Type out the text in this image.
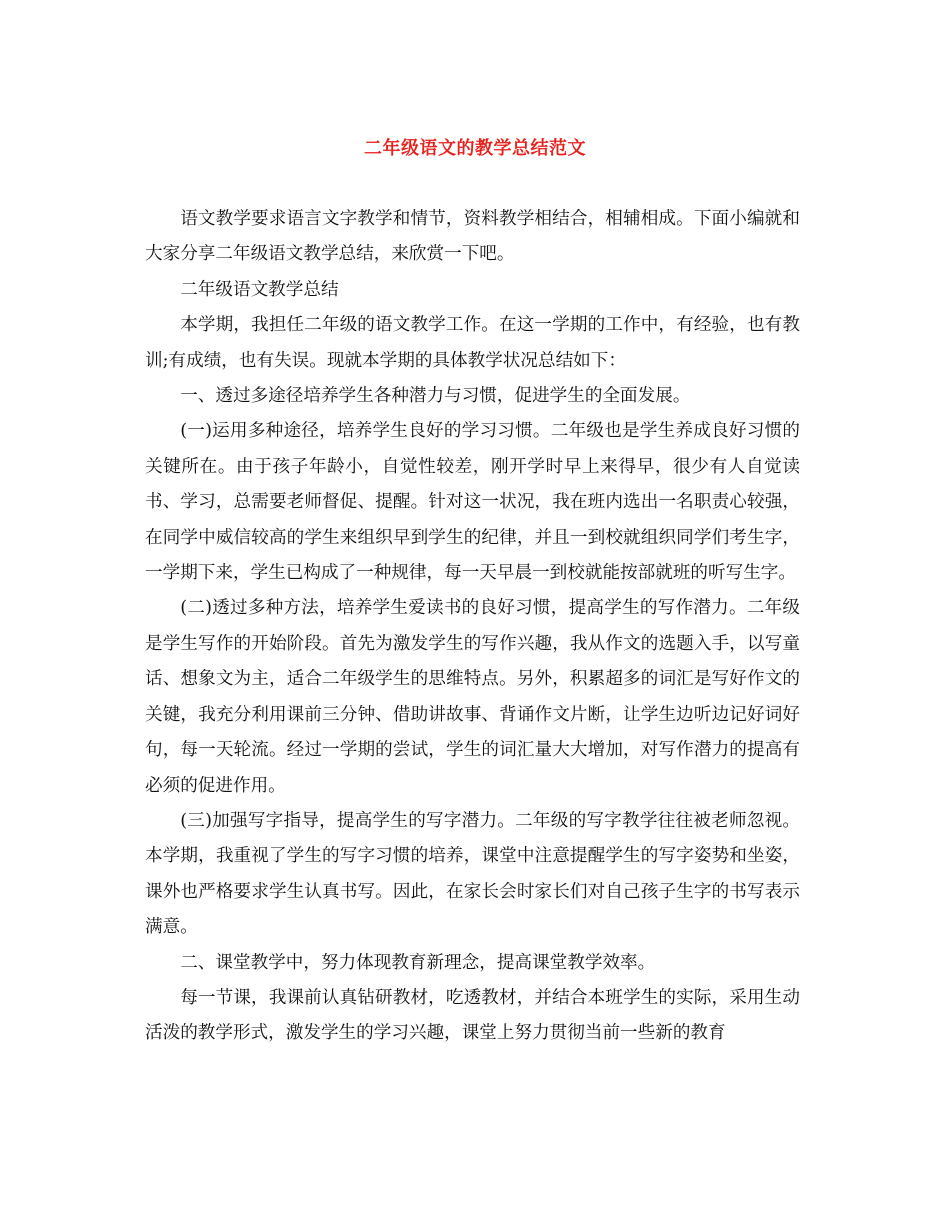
二年级语文的教学总结范文

语文教学要求语言文字教学和情节，资料教学相结合，相辅相成。下面小编就和大家分享二年级语文教学总结，来欣赏一下吧。

二年级语文教学总结

本学期，我担任二年级的语文教学工作。在这一学期的工作中，有经验，也有教训;有成绩，也有失误。现就本学期的具体教学状况总结如下：

一、透过多途径培养学生各种潜力与习惯，促进学生的全面发展。

(一)运用多种途径，培养学生良好的学习习惯。二年级也是学生养成良好习惯的关键所在。由于孩子年龄小，自觉性较差，刚开学时早上来得早，很少有人自觉读书、学习，总需要老师督促、提醒。针对这一状况，我在班内选出一名职责心较强，在同学中威信较高的学生来组织早到学生的纪律，并且一到校就组织同学们考生字，一学期下来，学生已构成了一种规律，每一天早晨一到校就能按部就班的听写生字。

(二)透过多种方法，培养学生爱读书的良好习惯，提高学生的写作潜力。二年级是学生写作的开始阶段。首先为激发学生的写作兴趣，我从作文的选题入手，以写童话、想象文为主，适合二年级学生的思维特点。另外，积累超多的词汇是写好作文的关键，我充分利用课前三分钟、借助讲故事、背诵作文片断，让学生边听边记好词好句，每一天轮流。经过一学期的尝试，学生的词汇量大大增加，对写作潜力的提高有必须的促进作用。

(三)加强写字指导，提高学生的写字潜力。二年级的写字教学往往被老师忽视。本学期，我重视了学生的写字习惯的培养，课堂中注意提醒学生的写字姿势和坐姿，课外也严格要求学生认真书写。因此，在家长会时家长们对自己孩子生字的书写表示满意。

二、课堂教学中，努力体现教育新理念，提高课堂教学效率。

每一节课，我课前认真钻研教材，吃透教材，并结合本班学生的实际，采用生动活泼的教学形式，激发学生的学习兴趣，课堂上努力贯彻当前一些新的教育
